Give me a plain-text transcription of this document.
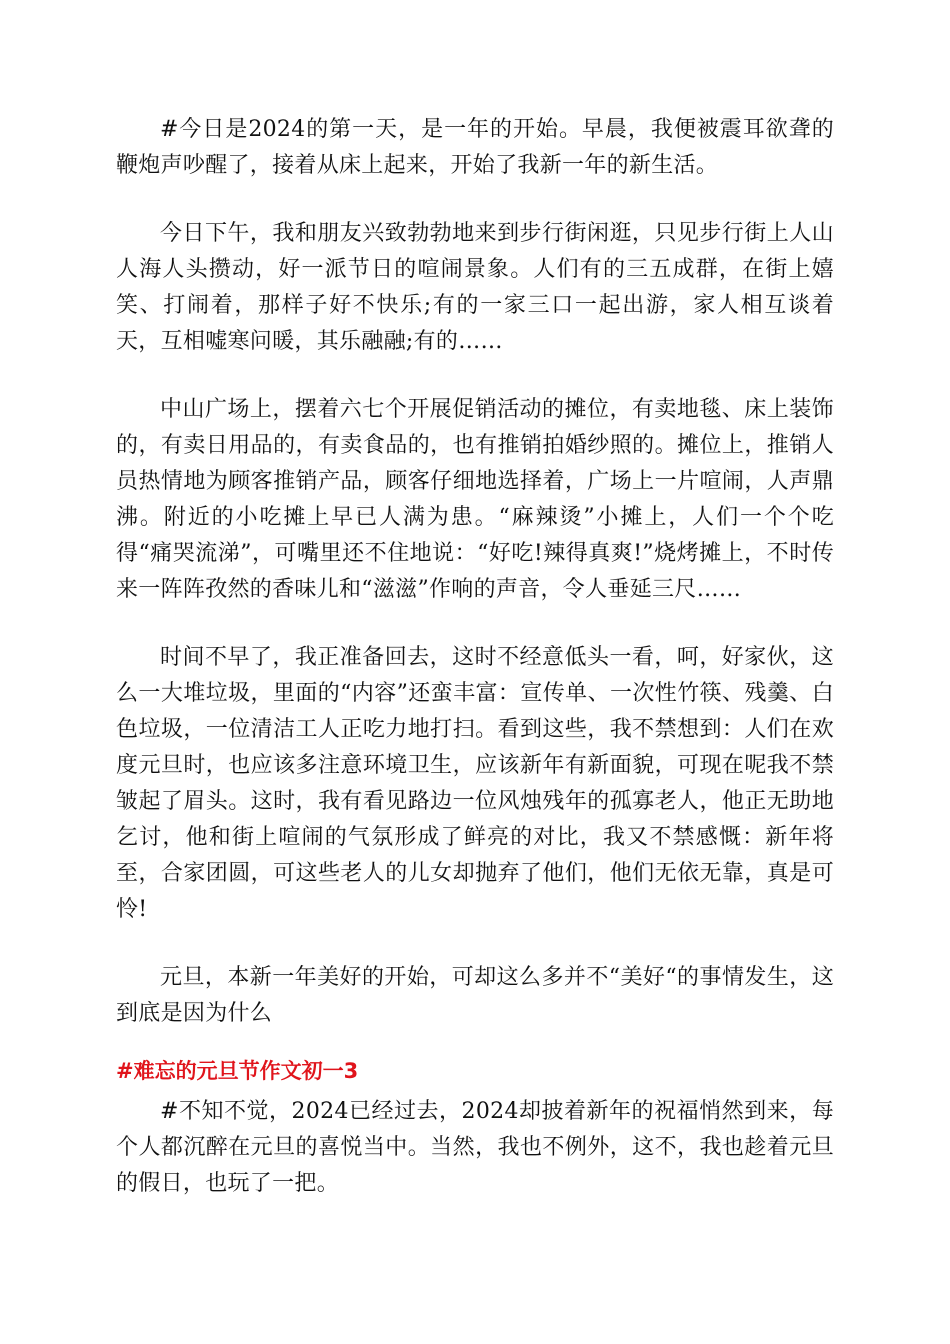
#今日是2024的第一天，是一年的开始。早晨，我便被震耳欲聋的鞭炮声吵醒了，接着从床上起来，开始了我新一年的新生活。

今日下午，我和朋友兴致勃勃地来到步行街闲逛，只见步行街上人山人海人头攒动，好一派节日的喧闹景象。人们有的三五成群，在街上嬉笑、打闹着，那样子好不快乐;有的一家三口一起出游，家人相互谈着天，互相嘘寒问暖，其乐融融;有的……

中山广场上，摆着六七个开展促销活动的摊位，有卖地毯、床上装饰的，有卖日用品的，有卖食品的，也有推销拍婚纱照的。摊位上，推销人员热情地为顾客推销产品，顾客仔细地选择着，广场上一片喧闹，人声鼎沸。附近的小吃摊上早已人满为患。“麻辣烫”小摊上，人们一个个吃得“痛哭流涕”，可嘴里还不住地说：“好吃!辣得真爽!”烧烤摊上，不时传来一阵阵孜然的香味儿和“滋滋”作响的声音，令人垂延三尺……

时间不早了，我正准备回去，这时不经意低头一看，呵，好家伙，这么一大堆垃圾，里面的“内容”还蛮丰富：宣传单、一次性竹筷、残羹、白色垃圾，一位清洁工人正吃力地打扫。看到这些，我不禁想到：人们在欢度元旦时，也应该多注意环境卫生，应该新年有新面貌，可现在呢我不禁皱起了眉头。这时，我有看见路边一位风烛残年的孤寡老人，他正无助地乞讨，他和街上喧闹的气氛形成了鲜亮的对比，我又不禁感慨：新年将至，合家团圆，可这些老人的儿女却抛弃了他们，他们无依无靠，真是可怜!

元旦，本新一年美好的开始，可却这么多并不“美好“的事情发生，这到底是因为什么

#难忘的元旦节作文初一3

#不知不觉，2024已经过去，2024却披着新年的祝福悄然到来，每个人都沉醉在元旦的喜悦当中。当然，我也不例外，这不，我也趁着元旦的假日，也玩了一把。
